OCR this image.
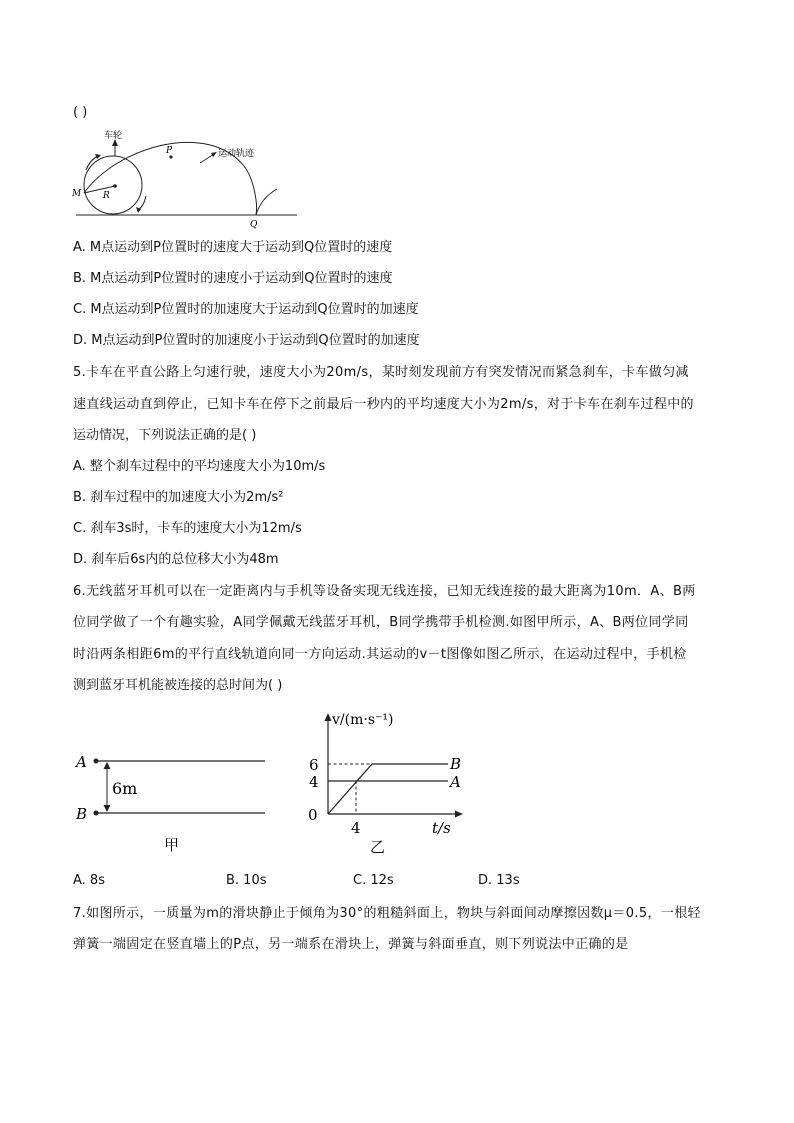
( )
车轮
运动轨迹
P
M R
Q
A. M点运动到P位置时的速度大于运动到Q位置时的速度
B. M点运动到P位置时的速度小于运动到Q位置时的速度
C. M点运动到P位置时的加速度大于运动到Q位置时的加速度
D. M点运动到P位置时的加速度小于运动到Q位置时的加速度
5.卡车在平直公路上匀速行驶，速度大小为20m/s，某时刻发现前方有突发情况而紧急刹车，卡车做匀减
速直线运动直到停止，已知卡车在停下之前最后一秒内的平均速度大小为2m/s，对于卡车在刹车过程中的
运动情况，下列说法正确的是( )
A. 整个刹车过程中的平均速度大小为10m/s
B. 刹车过程中的加速度大小为2m/s²
C. 刹车3s时，卡车的速度大小为12m/s
D. 刹车后6s内的总位移大小为48m
6.无线蓝牙耳机可以在一定距离内与手机等设备实现无线连接，已知无线连接的最大距离为10m．A、B两
位同学做了一个有趣实验，A同学佩戴无线蓝牙耳机，B同学携带手机检测.如图甲所示，A、B两位同学同
时沿两条相距6m的平行直线轨道向同一方向运动.其运动的v－t图像如图乙所示，在运动过程中，手机检
测到蓝牙耳机能被连接的总时间为( )
A
B
6m
甲
v/(m·s⁻¹)
6
4
0
4	t/s
B
A
乙
A. 8s	B. 10s	C. 12s	D. 13s
7.如图所示，一质量为m的滑块静止于倾角为30°的粗糙斜面上，物块与斜面间动摩擦因数μ＝0.5，一根轻
弹簧一端固定在竖直墙上的P点，另一端系在滑块上，弹簧与斜面垂直，则下列说法中正确的是
